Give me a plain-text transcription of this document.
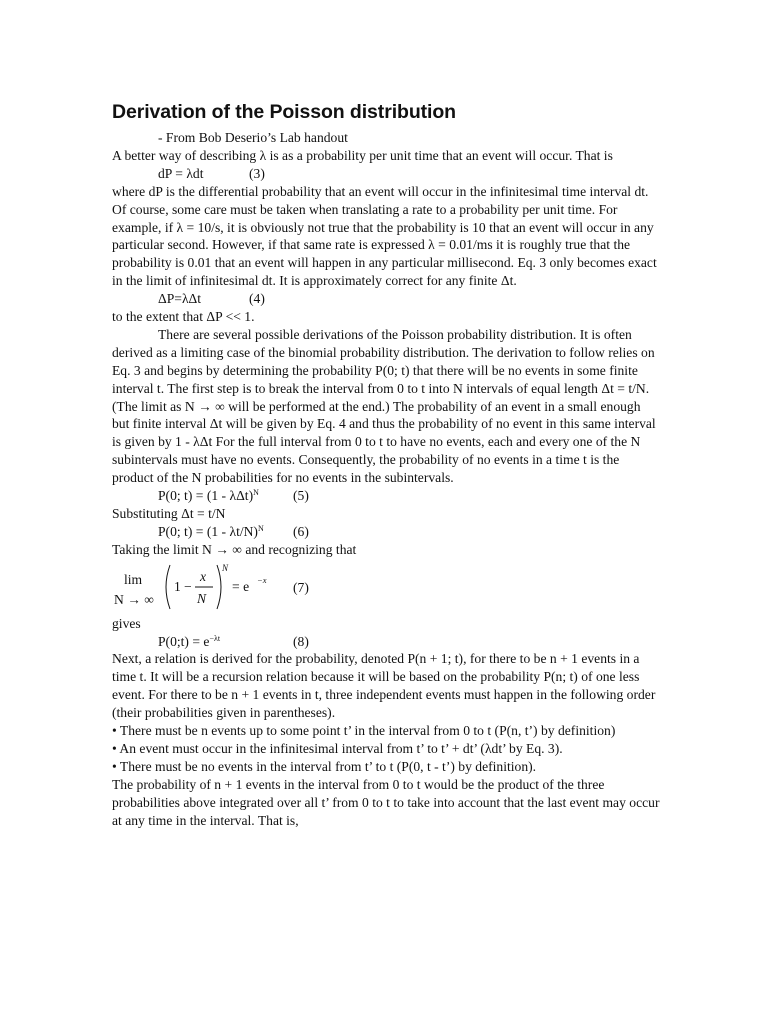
Derivation of the Poisson distribution

- From Bob Deserio’s Lab handout

A better way of describing λ is as a probability per unit time that an event will occur. That is

dP = λdt	(3)

where dP is the differential probability that an event will occur in the infinitesimal time interval dt. Of course, some care must be taken when translating a rate to a probability per unit time. For example, if λ = 10/s, it is obviously not true that the probability is 10 that an event will occur in any particular second. However, if that same rate is expressed λ = 0.01/ms it is roughly true that the probability is 0.01 that an event will happen in any particular millisecond. Eq. 3 only becomes exact in the limit of infinitesimal dt. It is approximately correct for any finite Δt.

ΔP=λΔt	(4)

to the extent that ΔP << 1.

There are several possible derivations of the Poisson probability distribution. It is often derived as a limiting case of the binomial probability distribution. The derivation to follow relies on Eq. 3 and begins by determining the probability P(0; t) that there will be no events in some finite interval t. The first step is to break the interval from 0 to t into N intervals of equal length Δt = t/N. (The limit as N → ∞ will be performed at the end.) The probability of an event in a small enough but finite interval Δt will be given by Eq. 4 and thus the probability of no event in this same interval is given by 1 - λΔt For the full interval from 0 to t to have no events, each and every one of the N subintervals must have no events. Consequently, the probability of no events in a time t is the product of the N probabilities for no events in the subintervals.

P(0; t) = (1 - λΔt)$^N$	(5)

Substituting Δt = t/N

P(0; t) = (1 - λt/N)$^N$ (6)

Taking the limit N → ∞ and recognizing that

lim
N → ∞
1 −
x
N
N
= e −x (7)

gives

P(0;t) = $e^{-\lambda t}$	(8)

Next, a relation is derived for the probability, denoted P(n + 1; t), for there to be n + 1 events in a time t. It will be a recursion relation because it will be based on the probability P(n; t) of one less event. For there to be n + 1 events in t, three independent events must happen in the following order (their probabilities given in parentheses).

• There must be n events up to some point t’ in the interval from 0 to t (P(n, t’) by definition)

• An event must occur in the infinitesimal interval from t’ to t’ + dt’ (λdt’ by Eq. 3).

• There must be no events in the interval from t’ to t (P(0, t - t’) by definition).

The probability of n + 1 events in the interval from 0 to t would be the product of the three probabilities above integrated over all t’ from 0 to t to take into account that the last event may occur at any time in the interval. That is,
